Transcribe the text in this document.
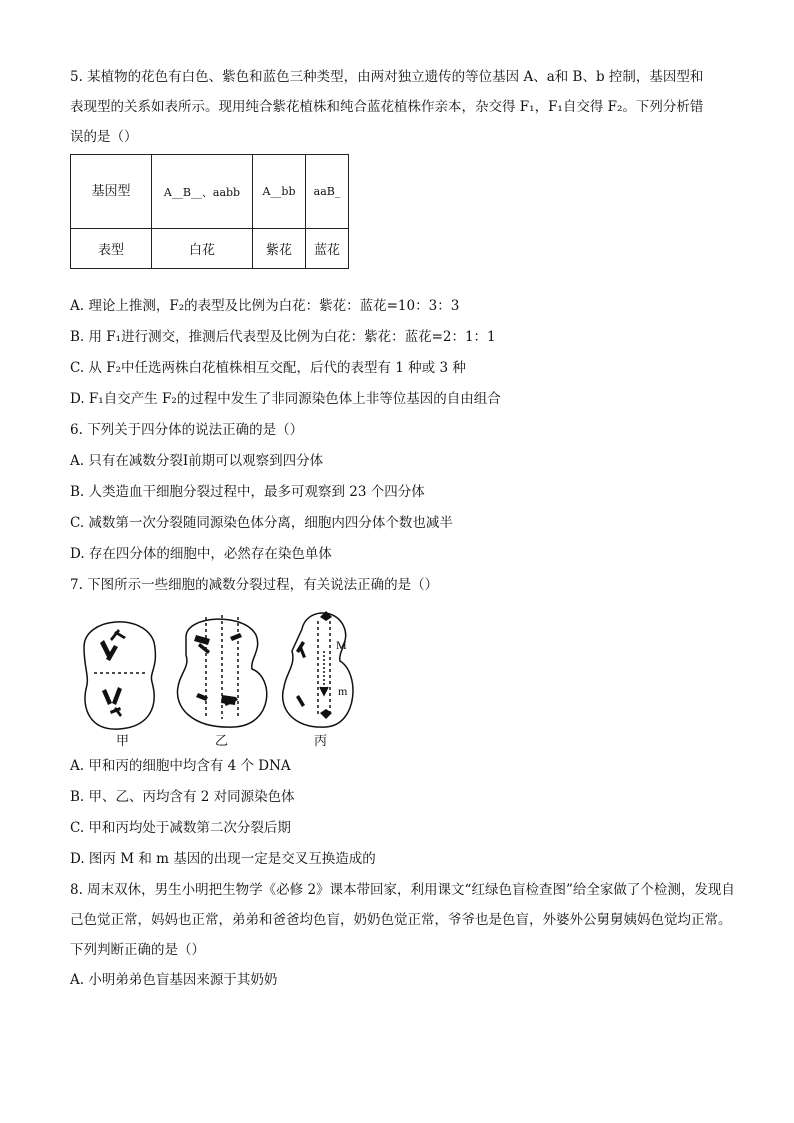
5. 某植物的花色有白色、紫色和蓝色三种类型，由两对独立遗传的等位基因 A、a和 B、b 控制，基因型和
表现型的关系如表所示。现用纯合紫花植株和纯合蓝花植株作亲本，杂交得 F₁，F₁自交得 F₂。下列分析错
误的是（）
基因型	A__B__、aabb	A__bb	aaB_
表型	白花	紫花	蓝花
A. 理论上推测，F₂的表型及比例为白花：紫花：蓝花=10：3：3
B. 用 F₁进行测交，推测后代表型及比例为白花：紫花：蓝花=2：1：1
C. 从 F₂中任选两株白花植株相互交配，后代的表型有 1 种或 3 种
D. F₁自交产生 F₂的过程中发生了非同源染色体上非等位基因的自由组合
6. 下列关于四分体的说法正确的是（）
A. 只有在减数分裂Ⅰ前期可以观察到四分体
B. 人类造血干细胞分裂过程中，最多可观察到 23 个四分体
C. 减数第一次分裂随同源染色体分离，细胞内四分体个数也减半
D. 存在四分体的细胞中，必然存在染色单体
7. 下图所示一些细胞的减数分裂过程，有关说法正确的是（）
M
m
甲	乙	丙
A. 甲和丙的细胞中均含有 4 个 DNA
B. 甲、乙、丙均含有 2 对同源染色体
C. 甲和丙均处于减数第二次分裂后期
D. 图丙 M 和 m 基因的出现一定是交叉互换造成的
8. 周末双休，男生小明把生物学《必修 2》课本带回家，利用课文“红绿色盲检查图”给全家做了个检测，发现自己色觉正常，妈妈也正常，弟弟和爸爸均色盲，奶奶色觉正常，爷爷也是色盲，外婆外公舅舅姨妈色觉均正常。下列判断正确的是（）
A. 小明弟弟色盲基因来源于其奶奶
